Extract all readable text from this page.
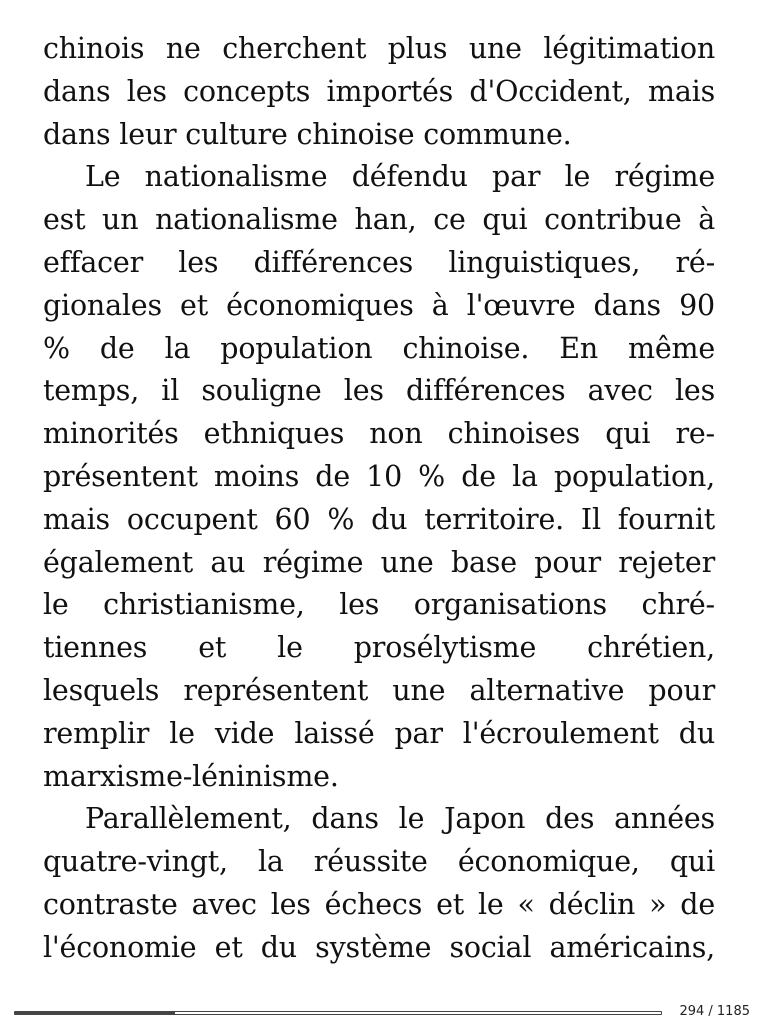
chinois ne cherchent plus une légitimation
dans les concepts importés d'Occident, mais
dans leur culture chinoise commune.

Le nationalisme défendu par le régime
est un nationalisme han, ce qui contribue à
effacer les différences linguistiques, ré-
gionales et économiques à l'œuvre dans 90
% de la population chinoise. En même
temps, il souligne les différences avec les
minorités ethniques non chinoises qui re-
présentent moins de 10 % de la population,
mais occupent 60 % du territoire. Il fournit
également au régime une base pour rejeter
le christianisme, les organisations chré-
tiennes et le prosélytisme chrétien,
lesquels représentent une alternative pour
remplir le vide laissé par l'écroulement du
marxisme-léninisme.

Parallèlement, dans le Japon des années
quatre-vingt, la réussite économique, qui
contraste avec les échecs et le « déclin » de
l'économie et du système social américains,

294 / 1185
